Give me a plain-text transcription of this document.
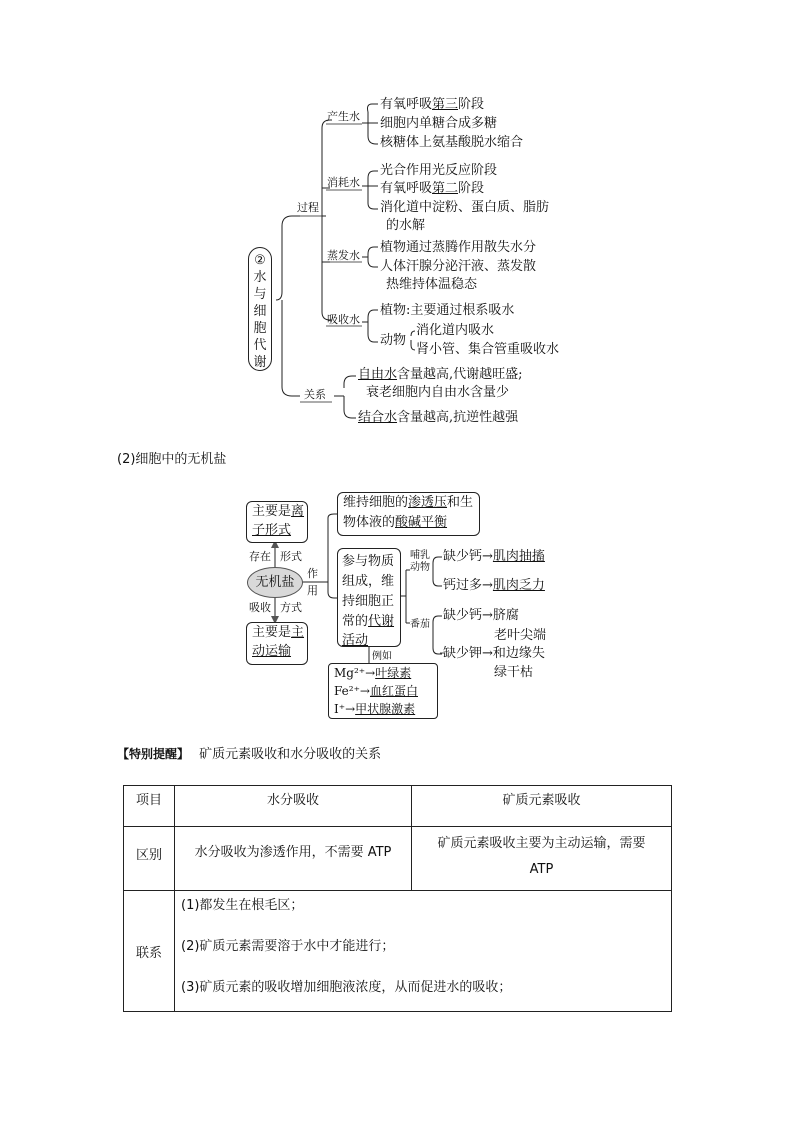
②
水
与
细
胞
代
谢
过程
关系
产生水
有氧呼吸第三阶段
细胞内单糖合成多糖
核糖体上氨基酸脱水缩合
消耗水
光合作用光反应阶段
有氧呼吸第二阶段
消化道中淀粉、蛋白质、脂肪
的水解
蒸发水
植物通过蒸腾作用散失水分
人体汗腺分泌汗液、蒸发散
热维持体温稳态
吸收水
植物:主要通过根系吸水
动物
消化道内吸水
肾小管、集合管重吸收水
自由水含量越高,代谢越旺盛;
衰老细胞内自由水含量少
结合水含量越高,抗逆性越强
(2)细胞中的无机盐
主要是离
子形式
存在 形式
无机盐
吸收 方式
作
用
主要是主
动运输
维持细胞的渗透压和生
物体液的酸碱平衡
参与物质
组成，维
持细胞正
常的代谢
活动
例如
Mg²⁺→叶绿素
Fe²⁺→血红蛋白
I⁺→甲状腺激素
哺乳
动物
缺少钙→肌肉抽搐
钙过多→肌肉乏力
番茄
缺少钙→脐腐
老叶尖端
缺少钾→和边缘失
绿干枯
【特别提醒】 矿质元素吸收和水分吸收的关系
项目	水分吸收	矿质元素吸收
区别	水分吸收为渗透作用，不需要 ATP	矿质元素吸收主要为主动运输，需要
ATP

联系	(1)都发生在根毛区；
(2)矿质元素需要溶于水中才能进行；
(3)矿质元素的吸收增加细胞液浓度，从而促进水的吸收；	
